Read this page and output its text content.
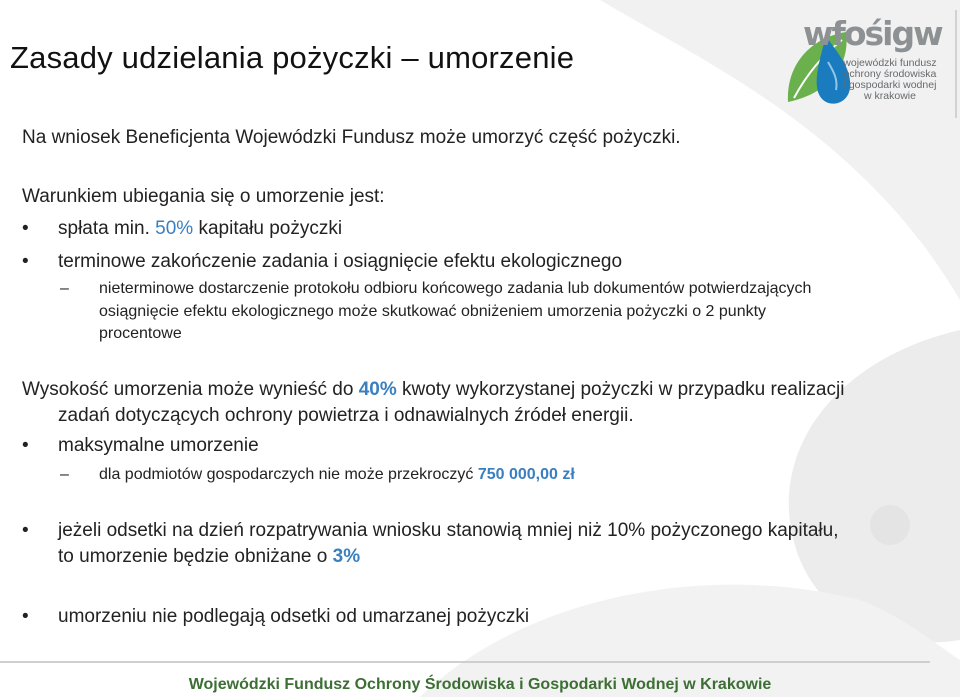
Zasady udzielania pożyczki – umorzenie
wfośigw
wojewódzki fundusz
ochrony środowiska
i gospodarki wodnej
w krakowie
Na wniosek Beneficjenta Wojewódzki Fundusz może umorzyć część pożyczki.
Warunkiem ubiegania się o umorzenie jest:
• spłata min. 50% kapitału pożyczki
• terminowe zakończenie zadania i osiągnięcie efektu ekologicznego
– nieterminowe dostarczenie protokołu odbioru końcowego zadania lub dokumentów potwierdzających
osiągnięcie efektu ekologicznego może skutkować obniżeniem umorzenia pożyczki o 2 punkty
procentowe
Wysokość umorzenia może wynieść do 40% kwoty wykorzystanej pożyczki w przypadku realizacji
zadań dotyczących ochrony powietrza i odnawialnych źródeł energii.
• maksymalne umorzenie
– dla podmiotów gospodarczych nie może przekroczyć 750 000,00 zł
• jeżeli odsetki na dzień rozpatrywania wniosku stanowią mniej niż 10% pożyczonego kapitału,
to umorzenie będzie obniżane o 3%
• umorzeniu nie podlegają odsetki od umarzanej pożyczki
Wojewódzki Fundusz Ochrony Środowiska i Gospodarki Wodnej w Krakowie
